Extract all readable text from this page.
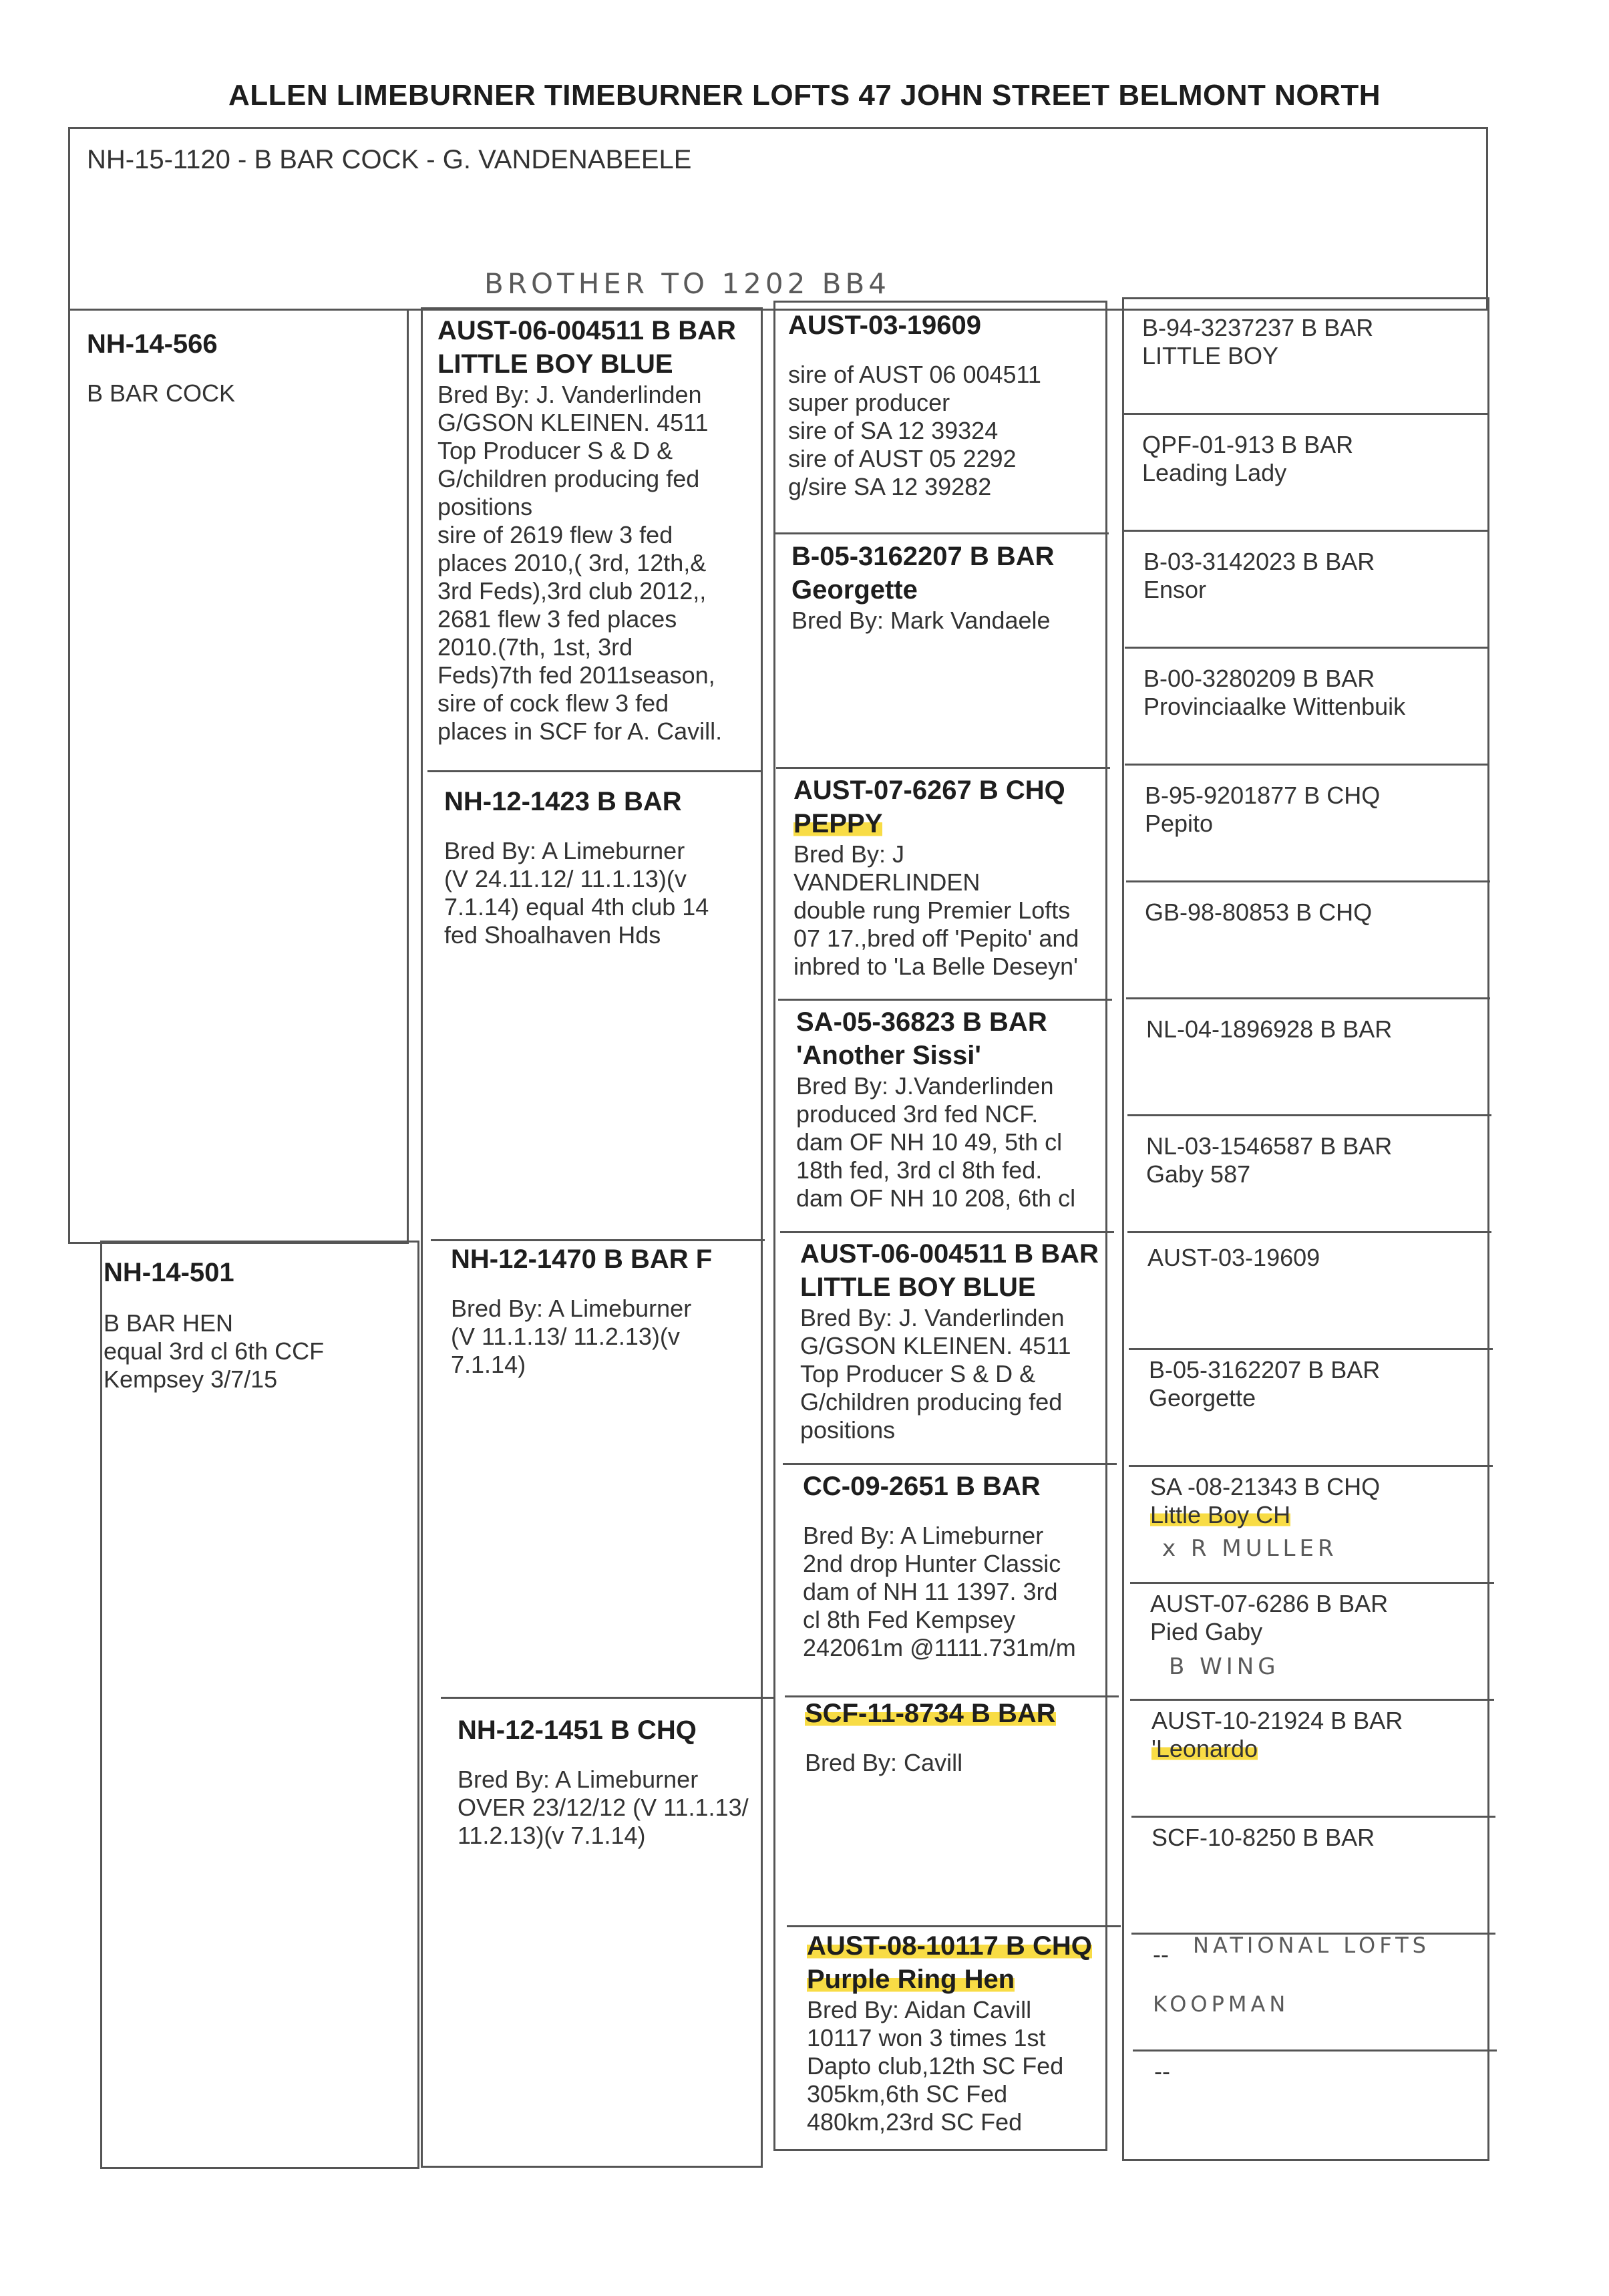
ALLEN LIMEBURNER TIMEBURNER LOFTS 47 JOHN STREET BELMONT NORTH
NH-15-1120 - B BAR COCK - G. VANDENABEELE
BROTHER TO 1202 BB4
NH-14-566
B BAR COCK
NH-14-501
B BAR HEN
equal 3rd cl 6th CCF
Kempsey 3/7/15
AUST-06-004511 B BAR
LITTLE BOY BLUE
Bred By: J. Vanderlinden
G/GSON KLEINEN. 4511
Top Producer S & D &
G/children producing fed
positions
sire of 2619 flew 3 fed
places 2010,( 3rd, 12th,&
3rd Feds),3rd club 2012,,
2681 flew 3 fed places
2010.(7th, 1st, 3rd
Feds)7th fed 2011season,
sire of cock flew 3 fed
places in SCF for A. Cavill.
NH-12-1423 B BAR
Bred By: A Limeburner
(V 24.11.12/ 11.1.13)(v
7.1.14) equal 4th club 14
fed Shoalhaven Hds
NH-12-1470 B BAR F
Bred By: A Limeburner
(V 11.1.13/ 11.2.13)(v
7.1.14)
NH-12-1451 B CHQ
Bred By: A Limeburner
OVER 23/12/12 (V 11.1.13/
11.2.13)(v 7.1.14)
AUST-03-19609
sire of AUST 06 004511
super producer
sire of SA 12 39324
sire of AUST 05 2292
g/sire SA 12 39282
B-05-3162207 B BAR
Georgette
Bred By: Mark Vandaele
AUST-07-6267 B CHQ
PEPPY
Bred By: J
VANDERLINDEN
double rung Premier Lofts
07 17.,bred off 'Pepito' and
inbred to 'La Belle Deseyn'
SA-05-36823 B BAR
'Another Sissi'
Bred By: J.Vanderlinden
produced 3rd fed NCF.
dam OF NH 10 49, 5th cl
18th fed, 3rd cl 8th fed.
dam OF NH 10 208, 6th cl
AUST-06-004511 B BAR
LITTLE BOY BLUE
Bred By: J. Vanderlinden
G/GSON KLEINEN. 4511
Top Producer S & D &
G/children producing fed
positions
CC-09-2651 B BAR
Bred By: A Limeburner
2nd drop Hunter Classic
dam of NH 11 1397. 3rd
cl 8th Fed Kempsey
242061m @1111.731m/m
SCF-11-8734 B BAR
Bred By: Cavill
AUST-08-10117 B CHQ
Purple Ring Hen
Bred By: Aidan Cavill
10117 won 3 times 1st
Dapto club,12th SC Fed
305km,6th SC Fed
480km,23rd SC Fed
B-94-3237237 B BAR
LITTLE BOY
QPF-01-913 B BAR
Leading Lady
B-03-3142023 B BAR
Ensor
B-00-3280209 B BAR
Provinciaalke Wittenbuik
B-95-9201877 B CHQ
Pepito
GB-98-80853 B CHQ
NL-04-1896928 B BAR
NL-03-1546587 B BAR
Gaby 587
AUST-03-19609
B-05-3162207 B BAR
Georgette
SA -08-21343 B CHQ
Little Boy CH
x R MULLER
AUST-07-6286 B BAR
Pied Gaby
B WING
AUST-10-21924 B BAR
'Leonardo
SCF-10-8250 B BAR
--	NATIONAL LOFTS
KOOPMAN
--
